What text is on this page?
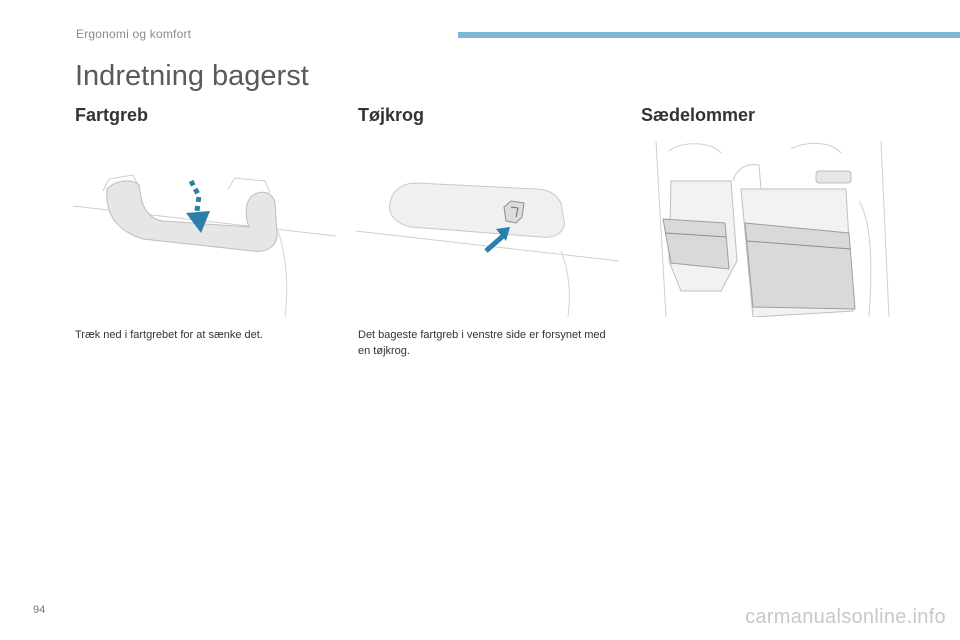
Ergonomi og komfort
Indretning bagerst
Fartgreb
Træk ned i fartgrebet for at sænke det.
Tøjkrog
Det bageste fartgreb i venstre side er forsynet med en tøjkrog.
Sædelommer
94	carmanualsonline.info
